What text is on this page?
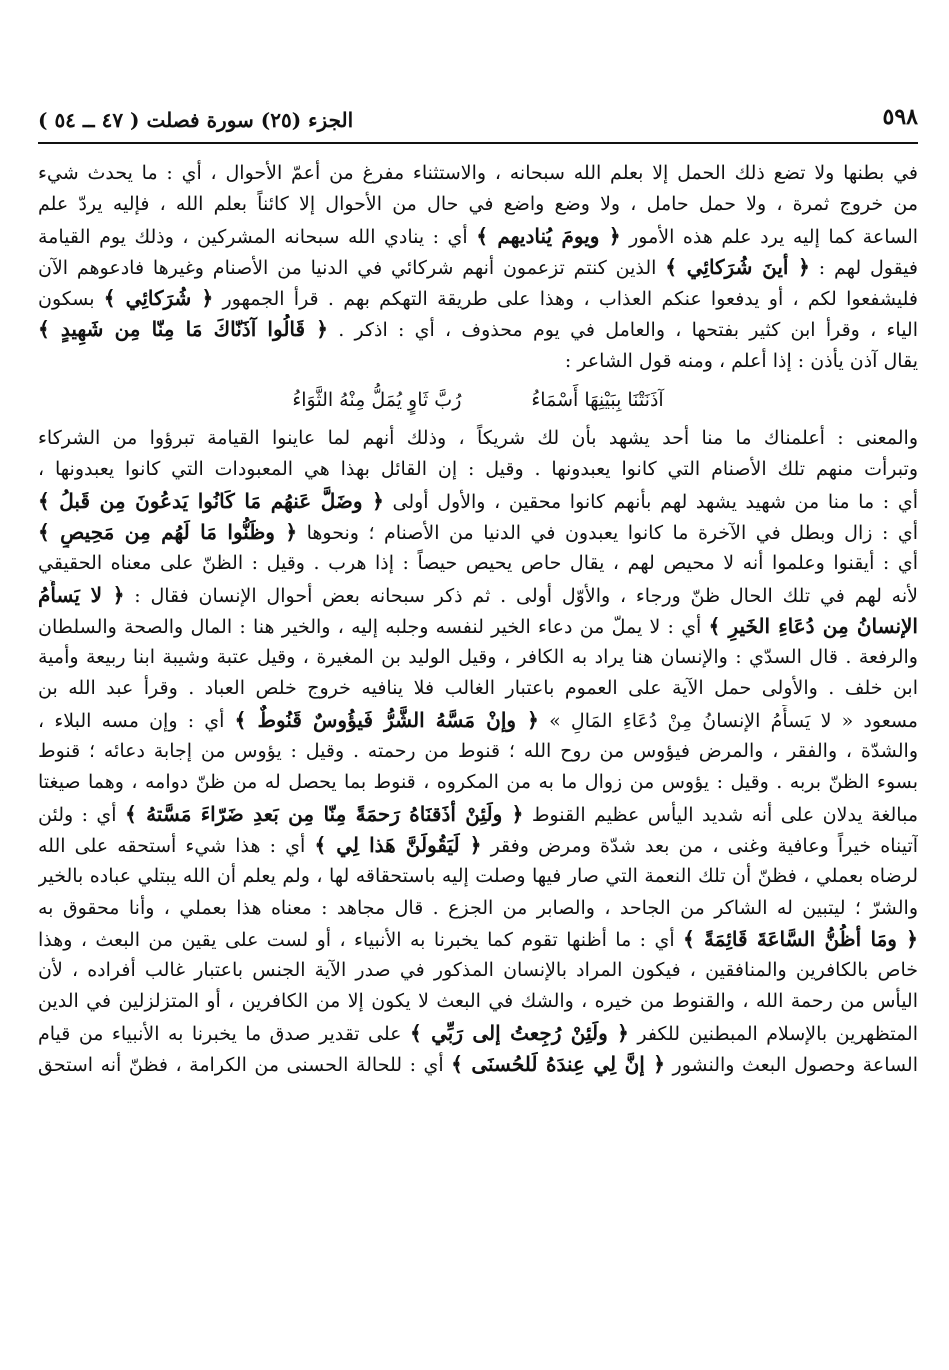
٥٩٨
الجزء (٢٥) سورة فصلت ( ٤٧ ــ ٥٤ )
في بطنها ولا تضع ذلك الحمل إلا بعلم الله سبحانه ، والاستثناء مفرغ من أعمّ الأحوال ، أي : ما يحدث شيء
من خروج ثمرة ، ولا حمل حامل ، ولا وضع واضع في حال من الأحوال إلا كائناً بعلم الله ، فإليه يردّ علم
الساعة كما إليه يرد علم هذه الأمور ﴿ ويومَ يُناديهم ﴾ أي : ينادي الله سبحانه المشركين ، وذلك يوم القيامة
فيقول لهم : ﴿ أينَ شُرَكائِي ﴾ الذين كنتم تزعمون أنهم شركائي في الدنيا من الأصنام وغيرها فادعوهم الآن
فليشفعوا لكم ، أو يدفعوا عنكم العذاب ، وهذا على طريقة التهكم بهم . قرأ الجمهور ﴿ شُرَكائِي ﴾ بسكون
الياء ، وقرأ ابن كثير بفتحها ، والعامل في يوم محذوف ، أي : اذكر . ﴿ قَالُوا آذَنّاكَ مَا مِنّا مِن شَهِيدٍ ﴾
يقال آذن يأذن : إذا أعلم ، ومنه قول الشاعر :
آذَنَتْنَا بِبَيْنِهَا أَسْمَاءُ
رُبَّ ثَاوٍ يُمَلُّ مِنْهُ الثَّوَاءُ
والمعنى : أعلمناك ما منا أحد يشهد بأن لك شريكاً ، وذلك أنهم لما عاينوا القيامة تبرؤوا من الشركاء
وتبرأت منهم تلك الأصنام التي كانوا يعبدونها . وقيل : إن القائل بهذا هي المعبودات التي كانوا يعبدونها ،
أي : ما منا من شهيد يشهد لهم بأنهم كانوا محقين ، والأول أولى ﴿ وضَلَّ عَنهُم مَا كَانُوا يَدعُونَ مِن قَبلُ ﴾
أي : زال وبطل في الآخرة ما كانوا يعبدون في الدنيا من الأصنام ؛ ونحوها ﴿ وظَنُّوا مَا لَهُم مِن مَحِيصٍ ﴾
أي : أيقنوا وعلموا أنه لا محيص لهم ، يقال حاص يحيص حيصاً : إذا هرب . وقيل : الظنّ على معناه الحقيقي
لأنه لهم في تلك الحال ظنّ ورجاء ، والأوّل أولى . ثم ذكر سبحانه بعض أحوال الإنسان فقال : ﴿ لا يَسأَمُ
الإنسانُ مِن دُعَاءِ الخَيرِ ﴾ أي : لا يملّ من دعاء الخير لنفسه وجلبه إليه ، والخير هنا : المال والصحة والسلطان
والرفعة . قال السدّي : والإنسان هنا يراد به الكافر ، وقيل الوليد بن المغيرة ، وقيل عتبة وشيبة ابنا ربيعة وأمية
ابن خلف . والأولى حمل الآية على العموم باعتبار الغالب فلا ينافيه خروج خلص العباد . وقرأ عبد الله بن
مسعود « لا يَسأَمُ الإنسانُ مِنْ دُعَاءِ المَالِ » ﴿ وإنْ مَسَّهُ الشَّرُّ فَيؤُوسٌ قَنُوطٌ ﴾ أي : وإن مسه البلاء ،
والشدّة ، والفقر ، والمرض فيؤوس من روح الله ؛ قنوط من رحمته . وقيل : يؤوس من إجابة دعائه ؛ قنوط
بسوء الظنّ بربه . وقيل : يؤوس من زوال ما به من المكروه ، قنوط بما يحصل له من ظنّ دوامه ، وهما صيغتا
مبالغة يدلان على أنه شديد اليأس عظيم القنوط ﴿ ولَئِنْ أذَقنَاهُ رَحمَةً مِنّا مِن بَعدِ ضَرّاءَ مَسَّتهُ ﴾ أي : ولئن
آتيناه خيراً وعافية وغنى ، من بعد شدّة ومرض وفقر ﴿ لَيَقُولَنَّ هَذا لِي ﴾ أي : هذا شيء أستحقه على الله
لرضاه بعملي ، فظنّ أن تلك النعمة التي صار فيها وصلت إليه باستحقاقه لها ، ولم يعلم أن الله يبتلي عباده بالخير
والشرّ ؛ ليتبين له الشاكر من الجاحد ، والصابر من الجزع . قال مجاهد : معناه هذا بعملي ، وأنا محقوق به
﴿ ومَا أظُنُّ السَّاعَةَ قَائِمَةً ﴾ أي : ما أظنها تقوم كما يخبرنا به الأنبياء ، أو لست على يقين من البعث ، وهذا
خاص بالكافرين والمنافقين ، فيكون المراد بالإنسان المذكور في صدر الآية الجنس باعتبار غالب أفراده ، لأن
اليأس من رحمة الله ، والقنوط من خيره ، والشك في البعث لا يكون إلا من الكافرين ، أو المتزلزلين في الدين
المتظهرين بالإسلام المبطنين للكفر ﴿ ولَئِنْ رُجِعتُ إلى رَبِّي ﴾ على تقدير صدق ما يخبرنا به الأنبياء من قيام
الساعة وحصول البعث والنشور ﴿ إنَّ لِي عِندَهُ لَلحُسنَى ﴾ أي : للحالة الحسنى من الكرامة ، فظنّ أنه استحق
